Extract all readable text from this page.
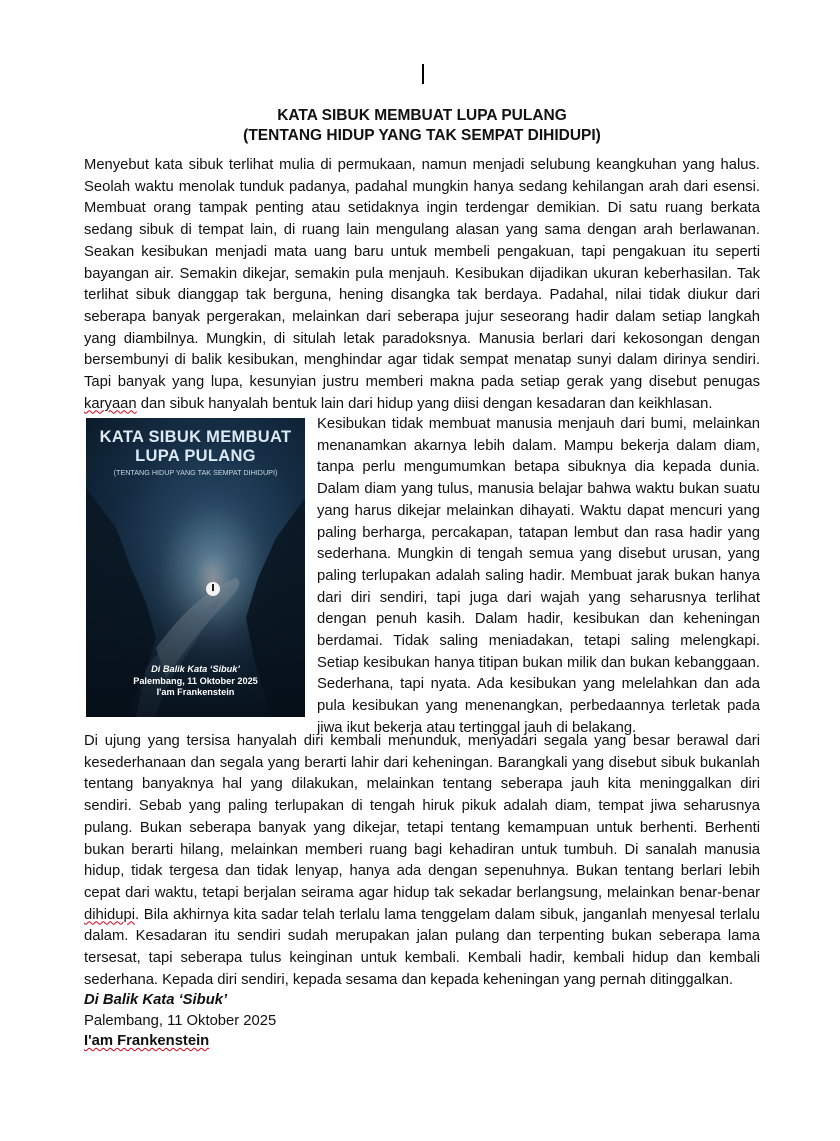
KATA SIBUK MEMBUAT LUPA PULANG
(TENTANG HIDUP YANG TAK SEMPAT DIHIDUPI)

Menyebut kata sibuk terlihat mulia di permukaan, namun menjadi selubung keangkuhan yang halus. Seolah waktu menolak tunduk padanya, padahal mungkin hanya sedang kehilangan arah dari esensi. Membuat orang tampak penting atau setidaknya ingin terdengar demikian. Di satu ruang berkata sedang sibuk di tempat lain, di ruang lain mengulang alasan yang sama dengan arah berlawanan. Seakan kesibukan menjadi mata uang baru untuk membeli pengakuan, tapi pengakuan itu seperti bayangan air. Semakin dikejar, semakin pula menjauh. Kesibukan dijadikan ukuran keberhasilan. Tak terlihat sibuk dianggap tak berguna, hening disangka tak berdaya. Padahal, nilai tidak diukur dari seberapa banyak pergerakan, melainkan dari seberapa jujur seseorang hadir dalam setiap langkah yang diambilnya. Mungkin, di situlah letak paradoksnya. Manusia berlari dari kekosongan dengan bersembunyi di balik kesibukan, menghindar agar tidak sempat menatap sunyi dalam dirinya sendiri. Tapi banyak yang lupa, kesunyian justru memberi makna pada setiap gerak yang disebut penugas karyaan dan sibuk hanyalah bentuk lain dari hidup yang diisi dengan kesadaran dan keikhlasan.

KATA SIBUK MEMBUAT
LUPA PULANG
(TENTANG HIDUP YANG TAK SEMPAT DIHIDUPI)
Di Balik Kata ‘Sibuk’
Palembang, 11 Oktober 2025
I'am Frankenstein

Kesibukan tidak membuat manusia menjauh dari bumi, melainkan menanamkan akarnya lebih dalam. Mampu bekerja dalam diam, tanpa perlu mengumumkan betapa sibuknya dia kepada dunia. Dalam diam yang tulus, manusia belajar bahwa waktu bukan suatu yang harus dikejar melainkan dihayati. Waktu dapat mencuri yang paling berharga, percakapan, tatapan lembut dan rasa hadir yang sederhana. Mungkin di tengah semua yang disebut urusan, yang paling terlupakan adalah saling hadir. Membuat jarak bukan hanya dari diri sendiri, tapi juga dari wajah yang seharusnya terlihat dengan penuh kasih. Dalam hadir, kesibukan dan keheningan berdamai. Tidak saling meniadakan, tetapi saling melengkapi. Setiap kesibukan hanya titipan bukan milik dan bukan kebanggaan. Sederhana, tapi nyata. Ada kesibukan yang melelahkan dan ada pula kesibukan yang menenangkan, perbedaannya terletak pada jiwa ikut bekerja atau tertinggal jauh di belakang.

Di ujung yang tersisa hanyalah diri kembali menunduk, menyadari segala yang besar berawal dari kesederhanaan dan segala yang berarti lahir dari keheningan. Barangkali yang disebut sibuk bukanlah tentang banyaknya hal yang dilakukan, melainkan tentang seberapa jauh kita meninggalkan diri sendiri. Sebab yang paling terlupakan di tengah hiruk pikuk adalah diam, tempat jiwa seharusnya pulang. Bukan seberapa banyak yang dikejar, tetapi tentang kemampuan untuk berhenti. Berhenti bukan berarti hilang, melainkan memberi ruang bagi kehadiran untuk tumbuh. Di sanalah manusia hidup, tidak tergesa dan tidak lenyap, hanya ada dengan sepenuhnya. Bukan tentang berlari lebih cepat dari waktu, tetapi berjalan seirama agar hidup tak sekadar berlangsung, melainkan benar-benar dihidupi. Bila akhirnya kita sadar telah terlalu lama tenggelam dalam sibuk, janganlah menyesal terlalu dalam. Kesadaran itu sendiri sudah merupakan jalan pulang dan terpenting bukan seberapa lama tersesat, tapi seberapa tulus keinginan untuk kembali. Kembali hadir, kembali hidup dan kembali sederhana. Kepada diri sendiri, kepada sesama dan kepada keheningan yang pernah ditinggalkan.

Di Balik Kata ‘Sibuk’
Palembang, 11 Oktober 2025
I'am Frankenstein
